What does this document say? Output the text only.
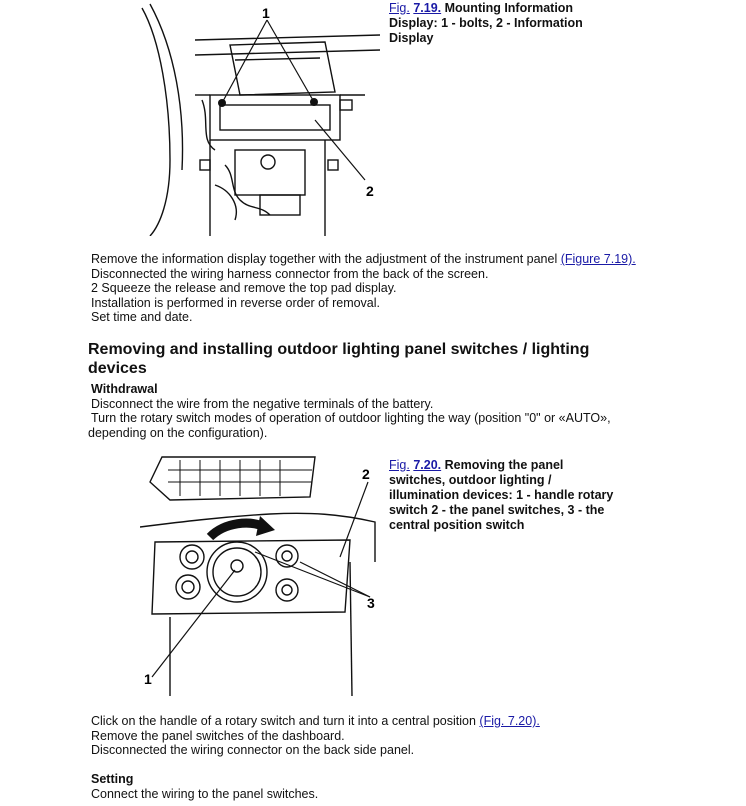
1
2
Fig. 7.19. Mounting Information Display: 1 - bolts, 2 - Information Display
Remove the information display together with the adjustment of the instrument panel (Figure 7.19).
Disconnected the wiring harness connector from the back of the screen.
2 Squeeze the release and remove the top pad display.
Installation is performed in reverse order of removal.
Set time and date.
Removing and installing outdoor lighting panel switches / lighting devices
Withdrawal
Disconnect the wire from the negative terminals of the battery.
Turn the rotary switch modes of operation of outdoor lighting the way (position "0" or «AUTO»,
depending on the configuration).
1
2
3
Fig. 7.20. Removing the panel switches, outdoor lighting / illumination devices: 1 - handle rotary switch 2 - the panel switches, 3 - the central position switch
Click on the handle of a rotary switch and turn it into a central position (Fig. 7.20).
Remove the panel switches of the dashboard.
Disconnected the wiring connector on the back side panel.
Setting
Connect the wiring to the panel switches.
